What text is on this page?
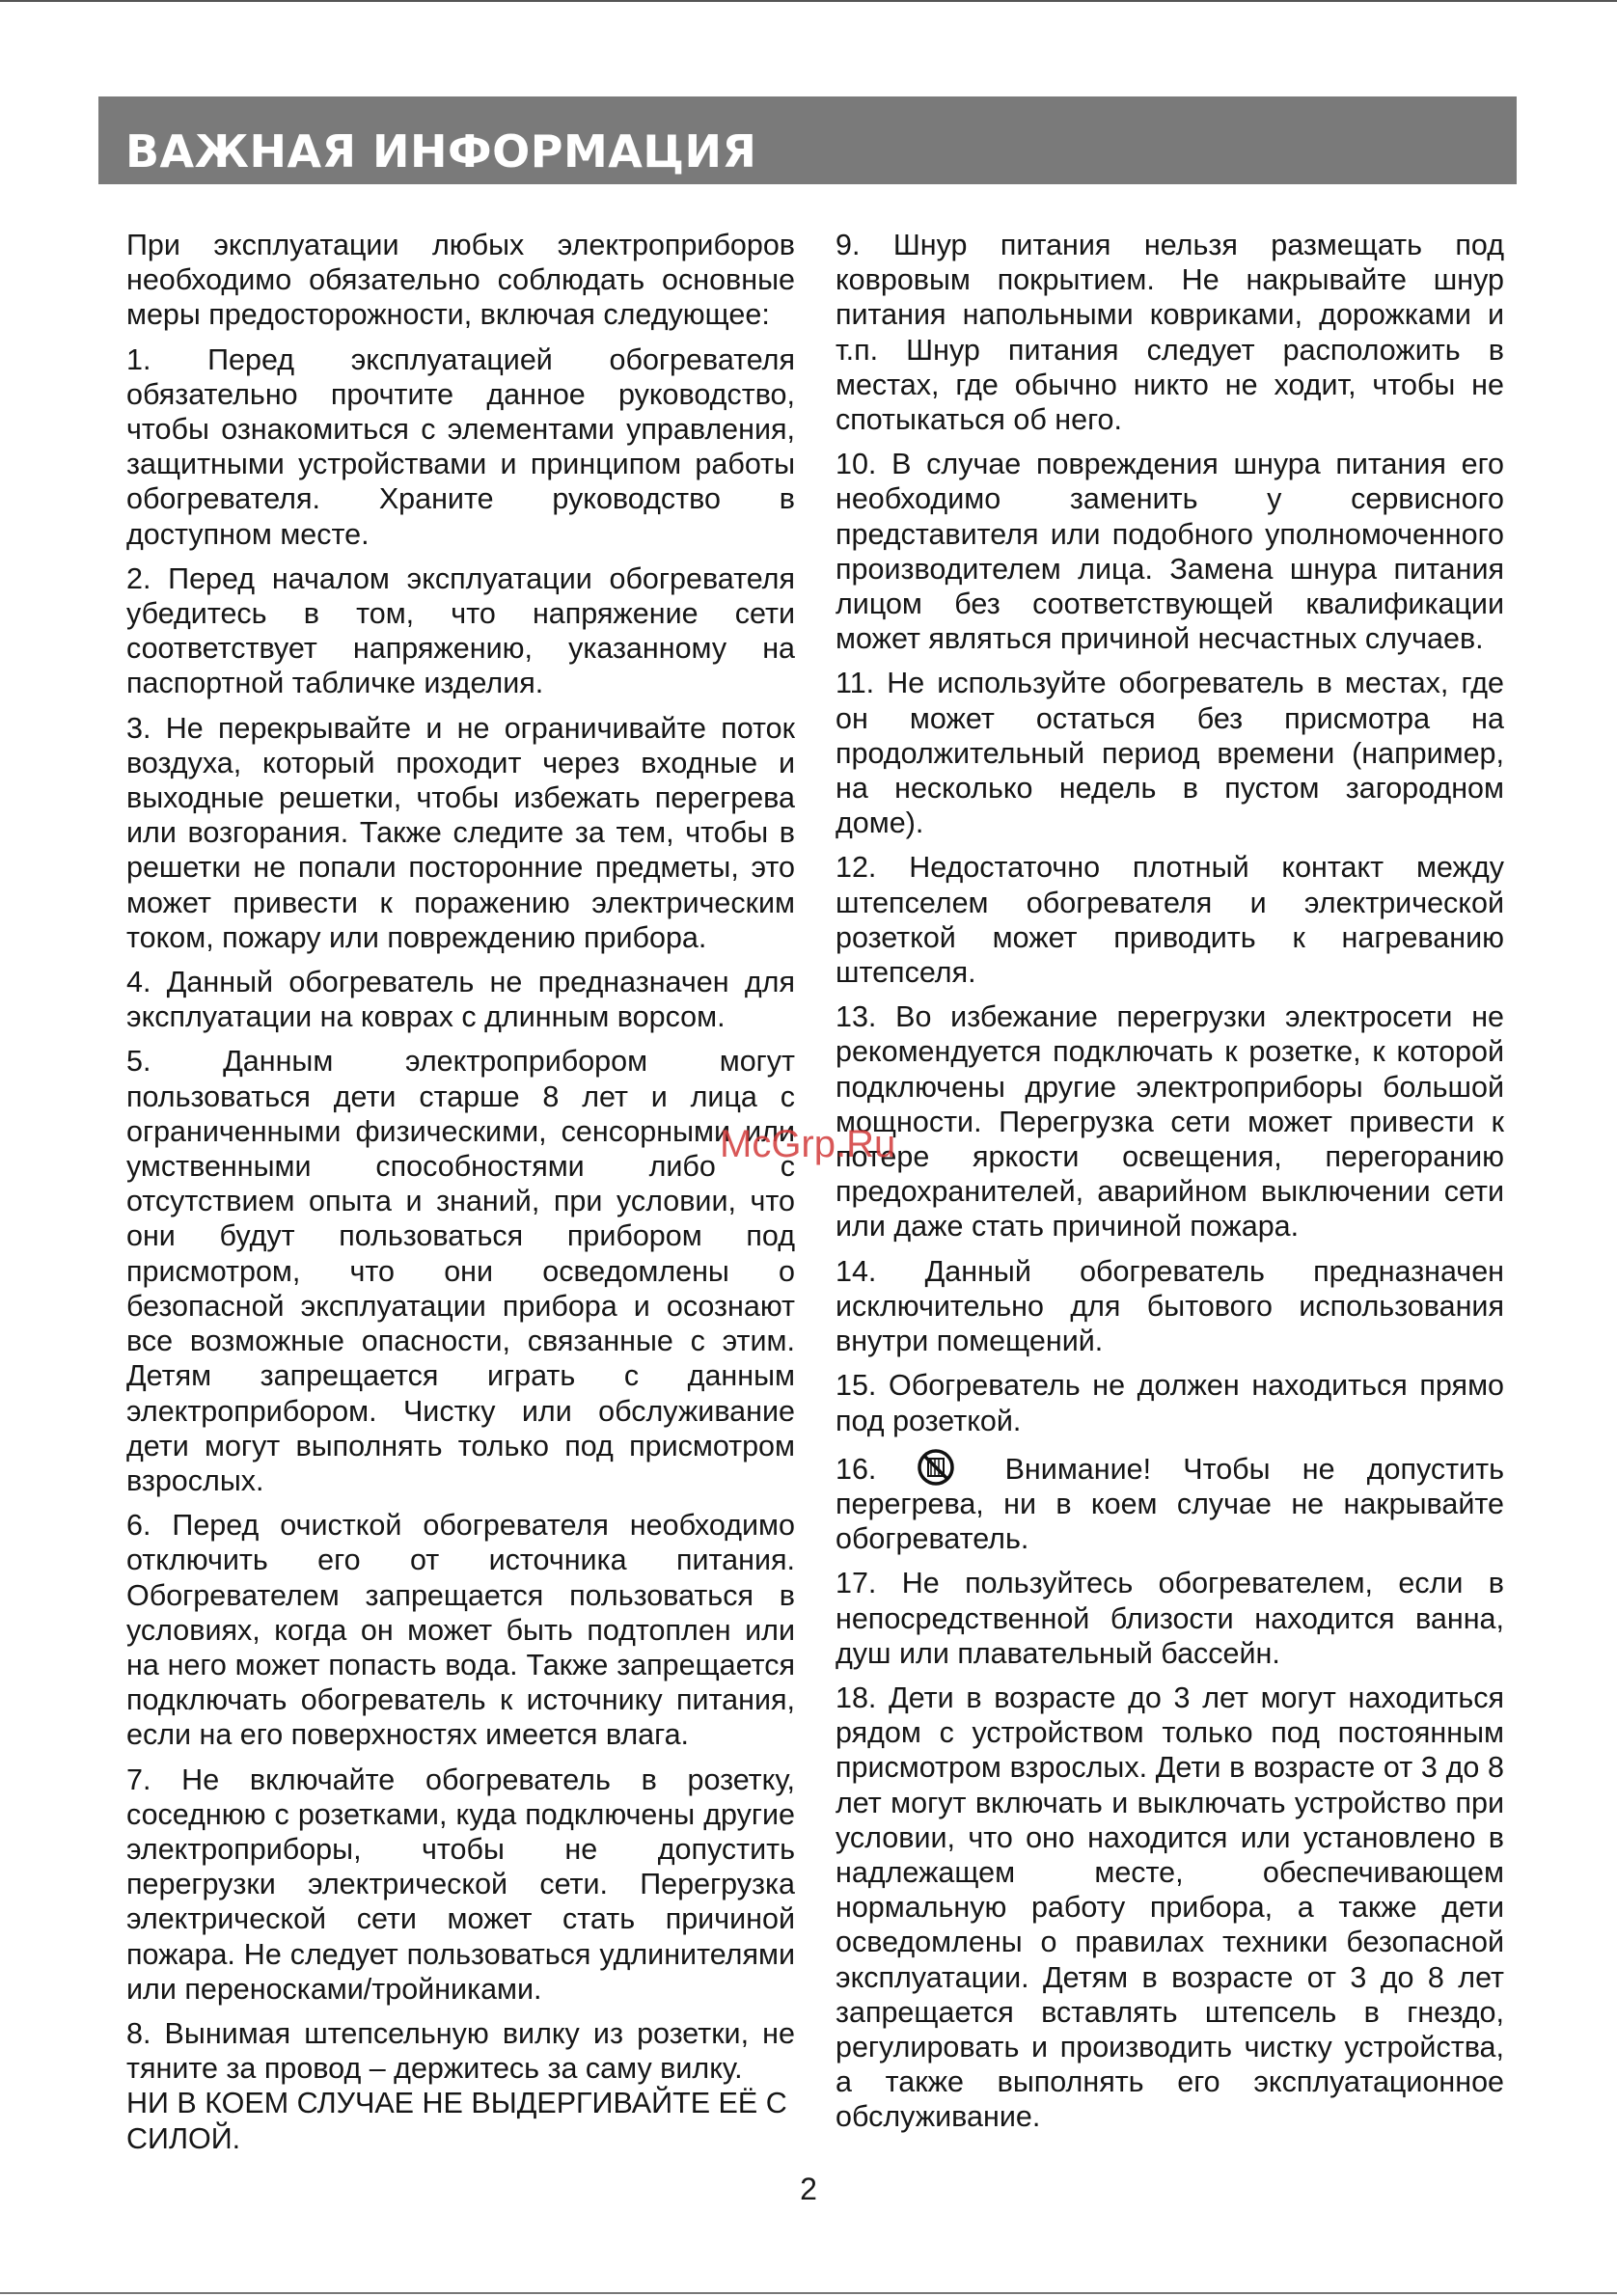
ВАЖНАЯ ИНФОРМАЦИЯ

При эксплуатации любых электроприборов необходимо обязательно соблюдать основные меры предосторожности, включая следующее:

1. Перед эксплуатацией обогревателя обязательно прочтите данное руководство, чтобы ознакомиться с элементами управления, защитными устройствами и принципом работы обогревателя. Храните руководство в доступном месте.

2. Перед началом эксплуатации обогревателя убедитесь в том, что напряжение сети соответствует напряжению, указанному на паспортной табличке изделия.

3. Не перекрывайте и не ограничивайте поток воздуха, который проходит через входные и выходные решетки, чтобы избежать перегрева или возгорания. Также следите за тем, чтобы в решетки не попали посторонние предметы, это может привести к поражению электрическим током, пожару или повреждению прибора.

4. Данный обогреватель не предназначен для эксплуатации на коврах с длинным ворсом.

5. Данным электроприбором могут пользоваться дети старше 8 лет и лица с ограниченными физическими, сенсорными или умственными способностями либо с отсутствием опыта и знаний, при условии, что они будут пользоваться прибором под присмотром, что они осведомлены о безопасной эксплуатации прибора и осознают все возможные опасности, связанные с этим. Детям запрещается играть с данным электроприбором. Чистку или обслуживание дети могут выполнять только под присмотром взрослых.

6. Перед очисткой обогревателя необходимо отключить его от источника питания. Обогревателем запрещается пользоваться в условиях, когда он может быть подтоплен или на него может попасть вода. Также запрещается подключать обогреватель к источнику питания, если на его поверхностях имеется влага.

7. Не включайте обогреватель в розетку, соседнюю с розетками, куда подключены другие электроприборы, чтобы не допустить перегрузки электрической сети. Перегрузка электрической сети может стать причиной пожара. Не следует пользоваться удлинителями или переносками/тройниками.

8. Вынимая штепсельную вилку из розетки, не тяните за провод – держитесь за саму вилку.

НИ В КОЕМ СЛУЧАЕ НЕ ВЫДЕРГИВАЙТЕ ЕЁ С СИЛОЙ.

9. Шнур питания нельзя размещать под ковровым покрытием. Не накрывайте шнур питания напольными ковриками, дорожками и т.п. Шнур питания следует расположить в местах, где обычно никто не ходит, чтобы не спотыкаться об него.

10. В случае повреждения шнура питания его необходимо заменить у сервисного представителя или подобного уполномоченного производителем лица. Замена шнура питания лицом без соответствующей квалификации может являться причиной несчастных случаев.

11. Не используйте обогреватель в местах, где он может остаться без присмотра на продолжительный период времени (например, на несколько недель в пустом загородном доме).

12. Недостаточно плотный контакт между штепселем обогревателя и электрической розеткой может приводить к нагреванию штепселя.

13. Во избежание перегрузки электросети не рекомендуется подключать к розетке, к которой подключены другие электроприборы большой мощности. Перегрузка сети может привести к потере яркости освещения, перегоранию предохранителей, аварийном выключении сети или даже стать причиной пожара.

14. Данный обогреватель предназначен исключительно для бытового использования внутри помещений.

15. Обогреватель не должен находиться прямо под розеткой.

16.	Внимание! Чтобы не допустить перегрева, ни в коем случае не накрывайте обогреватель.

17. Не пользуйтесь обогревателем, если в непосредственной близости находится ванна, душ или плавательный бассейн.

18. Дети в возрасте до 3 лет могут находиться рядом с устройством только под постоянным присмотром взрослых. Дети в возрасте от 3 до 8 лет могут включать и выключать устройство при условии, что оно находится или установлено в надлежащем месте, обеспечивающем нормальную работу прибора, а также дети осведомлены о правилах техники безопасной эксплуатации. Детям в возрасте от 3 до 8 лет запрещается вставлять штепсель в гнездо, регулировать и производить чистку устройства, а также выполнять его эксплуатационное обслуживание.

McGrp.Ru
2
